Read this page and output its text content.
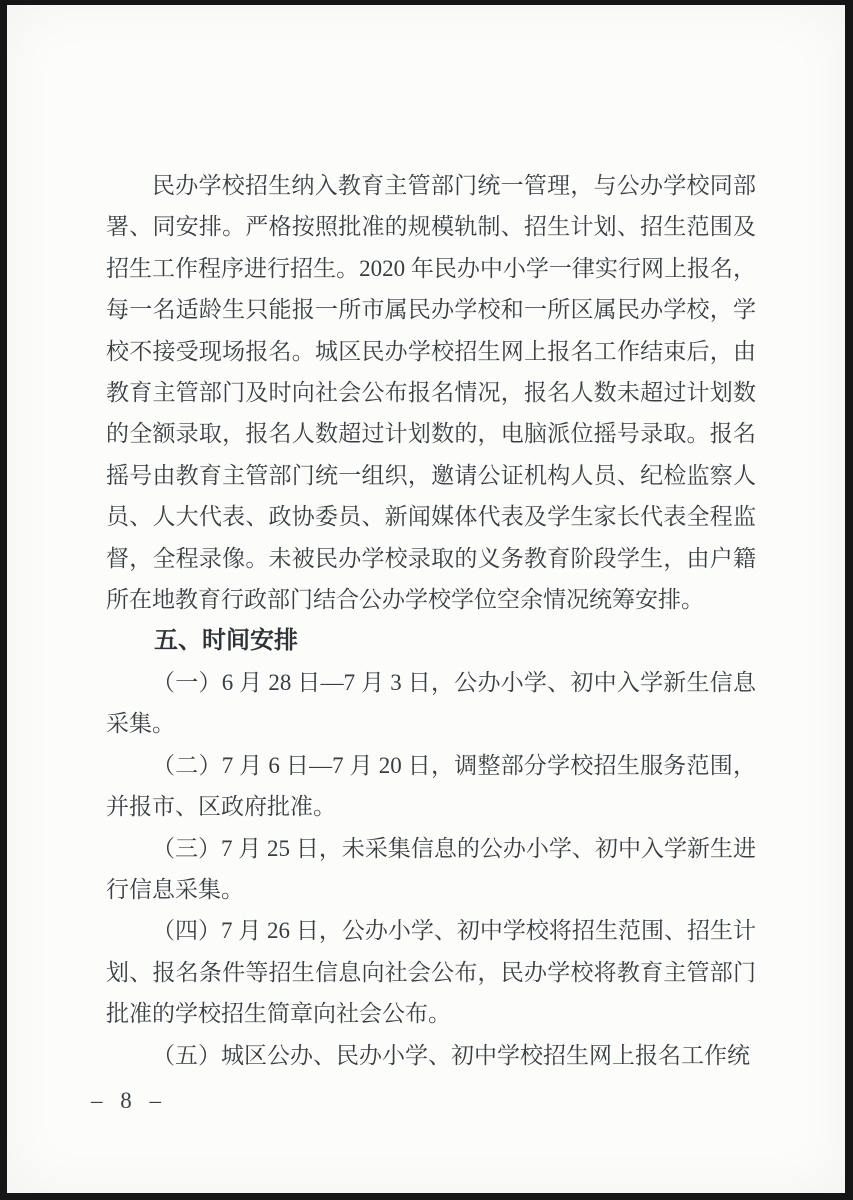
民办学校招生纳入教育主管部门统一管理，与公办学校同部署、同安排。严格按照批准的规模轨制、招生计划、招生范围及招生工作程序进行招生。2020 年民办中小学一律实行网上报名，每一名适龄生只能报一所市属民办学校和一所区属民办学校，学校不接受现场报名。城区民办学校招生网上报名工作结束后，由教育主管部门及时向社会公布报名情况，报名人数未超过计划数的全额录取，报名人数超过计划数的，电脑派位摇号录取。报名摇号由教育主管部门统一组织，邀请公证机构人员、纪检监察人员、人大代表、政协委员、新闻媒体代表及学生家长代表全程监督，全程录像。未被民办学校录取的义务教育阶段学生，由户籍所在地教育行政部门结合公办学校学位空余情况统筹安排。

五、时间安排

（一）6 月 28 日—7 月 3 日，公办小学、初中入学新生信息采集。

（二）7 月 6 日—7 月 20 日，调整部分学校招生服务范围，并报市、区政府批准。

（三）7 月 25 日，未采集信息的公办小学、初中入学新生进行信息采集。

（四）7 月 26 日，公办小学、初中学校将招生范围、招生计划、报名条件等招生信息向社会公布，民办学校将教育主管部门批准的学校招生简章向社会公布。

（五）城区公办、民办小学、初中学校招生网上报名工作统

– 8 –
